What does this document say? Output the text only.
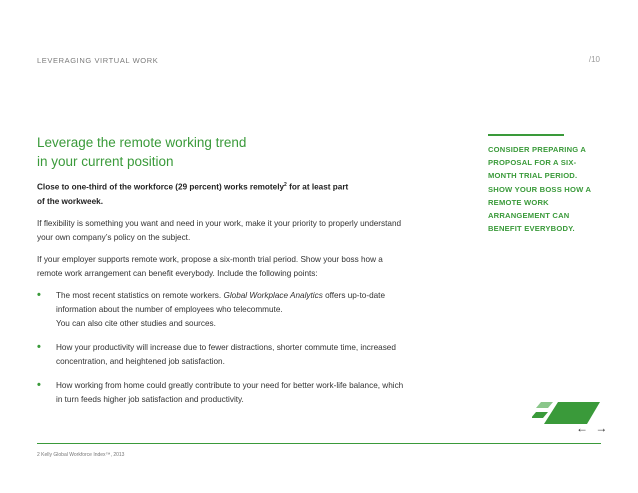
LEVERAGING VIRTUAL WORK	/10
Leverage the remote working trend
in your current position

Close to one-third of the workforce (29 percent) works remotely$^2$ for at least part of the workweek.

If flexibility is something you want and need in your work, make it your priority to properly understand your own company’s policy on the subject.

If your employer supports remote work, propose a six-month trial period. Show your boss how a remote work arrangement can benefit everybody. Include the following points:

• The most recent statistics on remote workers. Global Workplace Analytics offers up-to-date information about the number of employees who telecommute.
You can also cite other studies and sources.
• How your productivity will increase due to fewer distractions, shorter commute time, increased concentration, and heightened job satisfaction.
• How working from home could greatly contribute to your need for better work-life balance, which in turn feeds higher job satisfaction and productivity.
CONSIDER PREPARING A PROPOSAL FOR A SIX-MONTH TRIAL PERIOD. SHOW YOUR BOSS HOW A REMOTE WORK ARRANGEMENT CAN BENEFIT EVERYBODY.
← →
2 Kelly Global Workforce Index™, 2013
